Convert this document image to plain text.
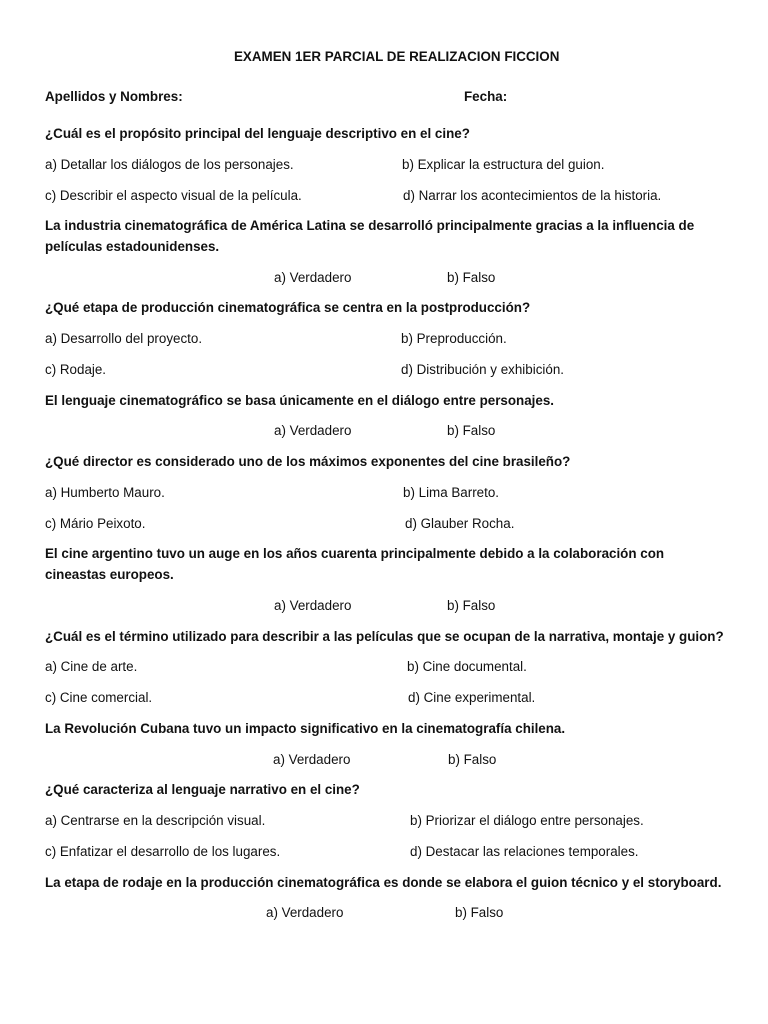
EXAMEN 1ER PARCIAL DE REALIZACION FICCION
Apellidos y Nombres:	Fecha:
¿Cuál es el propósito principal del lenguaje descriptivo en el cine?
a) Detallar los diálogos de los personajes.	b) Explicar la estructura del guion.
c) Describir el aspecto visual de la película.	d) Narrar los acontecimientos de la historia.
La industria cinematográfica de América Latina se desarrolló principalmente gracias a la influencia de películas estadounidenses.
a) Verdadero	b) Falso
¿Qué etapa de producción cinematográfica se centra en la postproducción?
a) Desarrollo del proyecto.	b) Preproducción.
c) Rodaje.	d) Distribución y exhibición.
El lenguaje cinematográfico se basa únicamente en el diálogo entre personajes.
a) Verdadero	b) Falso
¿Qué director es considerado uno de los máximos exponentes del cine brasileño?
a) Humberto Mauro.	b) Lima Barreto.
c) Mário Peixoto.	d) Glauber Rocha.
El cine argentino tuvo un auge en los años cuarenta principalmente debido a la colaboración con cineastas europeos.
a) Verdadero	b) Falso
¿Cuál es el término utilizado para describir a las películas que se ocupan de la narrativa, montaje y guion?
a) Cine de arte.	b) Cine documental.
c) Cine comercial.	d) Cine experimental.
La Revolución Cubana tuvo un impacto significativo en la cinematografía chilena.
a) Verdadero	b) Falso
¿Qué caracteriza al lenguaje narrativo en el cine?
a) Centrarse en la descripción visual.	b) Priorizar el diálogo entre personajes.
c) Enfatizar el desarrollo de los lugares.	d) Destacar las relaciones temporales.
La etapa de rodaje en la producción cinematográfica es donde se elabora el guion técnico y el storyboard.
a) Verdadero	b) Falso
